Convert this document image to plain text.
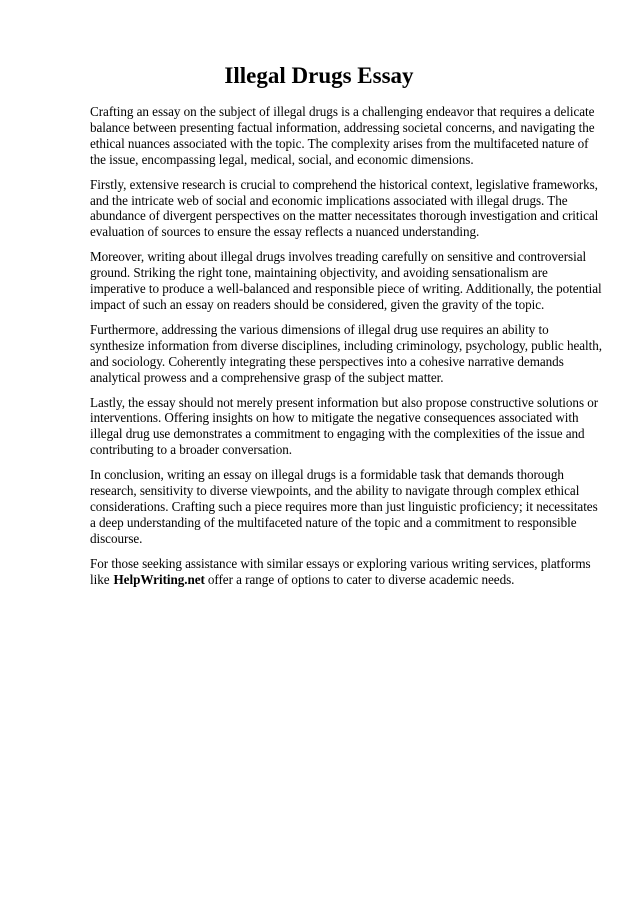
Illegal Drugs Essay

Crafting an essay on the subject of illegal drugs is a challenging endeavor that requires a delicate balance between presenting factual information, addressing societal concerns, and navigating the ethical nuances associated with the topic. The complexity arises from the multifaceted nature of the issue, encompassing legal, medical, social, and economic dimensions.

Firstly, extensive research is crucial to comprehend the historical context, legislative frameworks, and the intricate web of social and economic implications associated with illegal drugs. The abundance of divergent perspectives on the matter necessitates thorough investigation and critical evaluation of sources to ensure the essay reflects a nuanced understanding.

Moreover, writing about illegal drugs involves treading carefully on sensitive and controversial ground. Striking the right tone, maintaining objectivity, and avoiding sensationalism are imperative to produce a well-balanced and responsible piece of writing. Additionally, the potential impact of such an essay on readers should be considered, given the gravity of the topic.

Furthermore, addressing the various dimensions of illegal drug use requires an ability to synthesize information from diverse disciplines, including criminology, psychology, public health, and sociology. Coherently integrating these perspectives into a cohesive narrative demands analytical prowess and a comprehensive grasp of the subject matter.

Lastly, the essay should not merely present information but also propose constructive solutions or interventions. Offering insights on how to mitigate the negative consequences associated with illegal drug use demonstrates a commitment to engaging with the complexities of the issue and contributing to a broader conversation.

In conclusion, writing an essay on illegal drugs is a formidable task that demands thorough research, sensitivity to diverse viewpoints, and the ability to navigate through complex ethical considerations. Crafting such a piece requires more than just linguistic proficiency; it necessitates a deep understanding of the multifaceted nature of the topic and a commitment to responsible discourse.

For those seeking assistance with similar essays or exploring various writing services, platforms like HelpWriting.net offer a range of options to cater to diverse academic needs.
